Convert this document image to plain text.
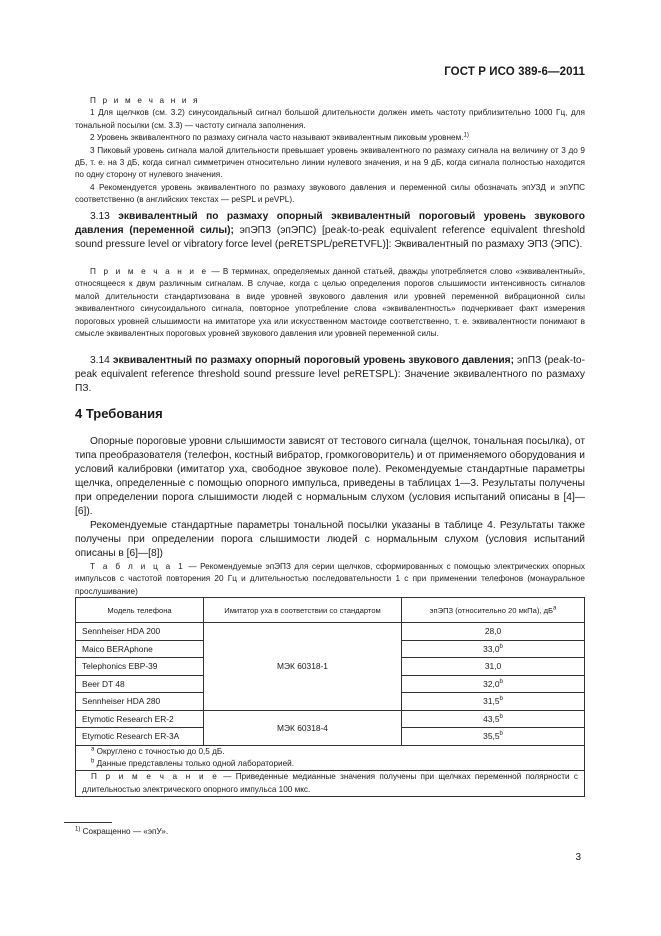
ГОСТ Р ИСО 389-6—2011

П р и м е ч а н и я

1 Для щелчков (см. 3.2) синусоидальный сигнал большой длительности должен иметь частоту приблизительно 1000 Гц, для тональной посылки (см. 3.3) — частоту сигнала заполнения.

2 Уровень эквивалентного по размаху сигнала часто называют эквивалентным пиковым уровнем.$^{1)}$

3 Пиковый уровень сигнала малой длительности превышает уровень эквивалентного по размаху сигнала на величину от 3 до 9 дБ, т. е. на 3 дБ, когда сигнал симметричен относительно линии нулевого значения, и на 9 дБ, когда сигнала полностью находится по одну сторону от нулевого значения.

4 Рекомендуется уровень эквивалентного по размаху звукового давления и переменной силы обозначать эпУЗД и эпУПС соответственно (в английских текстах — peSPL и peVPL).

3.13 эквивалентный по размаху опорный эквивалентный пороговый уровень звукового давления (переменной силы); эпЭПЗ (эпЭПС) [peak-to-peak equivalent reference equivalent threshold sound pressure level or vibratory force level (peRETSPL/peRETVFL)]: Эквивалентный по размаху ЭПЗ (ЭПС).

П р и м е ч а н и е — В терминах, определяемых данной статьей, дважды употребляется слово «эквивалентный», относящееся к двум различным сигналам. В случае, когда с целью определения порогов слышимости интенсивность сигналов малой длительности стандартизована в виде уровней звукового давления или уровней переменной вибрационной силы эквивалентного синусоидального сигнала, повторное употребление слова «эквивалентность» подчеркивает факт измерения пороговых уровней слышимости на имитаторе уха или искусственном мастоиде соответственно, т. е. эквивалентности понимают в смысле эквивалентных пороговых уровней звукового давления или уровней переменной силы.

3.14 эквивалентный по размаху опорный пороговый уровень звукового давления; эпПЗ (peak-to-peak equivalent reference threshold sound pressure level peRETSPL): Значение эквивалентного по размаху ПЗ.

4 Требования

Опорные пороговые уровни слышимости зависят от тестового сигнала (щелчок, тональная посылка), от типа преобразователя (телефон, костный вибратор, громкоговоритель) и от применяемого оборудования и условий калибровки (имитатор уха, свободное звуковое поле). Рекомендуемые стандартные параметры щелчка, определенные с помощью опорного импульса, приведены в таблицах 1—3. Результаты получены при определении порога слышимости людей с нормальным слухом (условия испытаний описаны в [4]—[6]).

Рекомендуемые стандартные параметры тональной посылки указаны в таблице 4. Результаты также получены при определении порога слышимости людей с нормальным слухом (условия испытаний описаны в [6]—[8])

Т а б л и ц а 1 — Рекомендуемые эпЭПЗ для серии щелчков, сформированных с помощью электрических опорных импульсов с частотой повторения 20 Гц и длительностью последовательности 1 с при применении телефонов (монауральное прослушивание)

Модель телефона	Имитатор уха в соответствии со стандартом	эпЭПЗ (относительно 20 мкПа), $дБ^a$
Sennheiser HDA 200	МЭК 60318-1	28,0
Maico BERAphone		33,0$^b$
Telephonics EBP-39		31,0
Beer DT 48		32,0$^b$
Sennheiser HDA 280		31,5$^b$
Etymotic Research ER-2	МЭК 60318-4	43,5$^b$
Etymotic Research ER-3A		35,5$^b$

$^a$ Округлено с точностью до 0,5 дБ.
$^b$ Данные представлены только одной лабораторией.		

П р и м е ч а н и е — Приведенные медианные значения получены при щелчках переменной полярности с длительностью электрического опорного импульса 100 мкс.		
$^{1)}$ Сокращенно — «эпУ».
3
